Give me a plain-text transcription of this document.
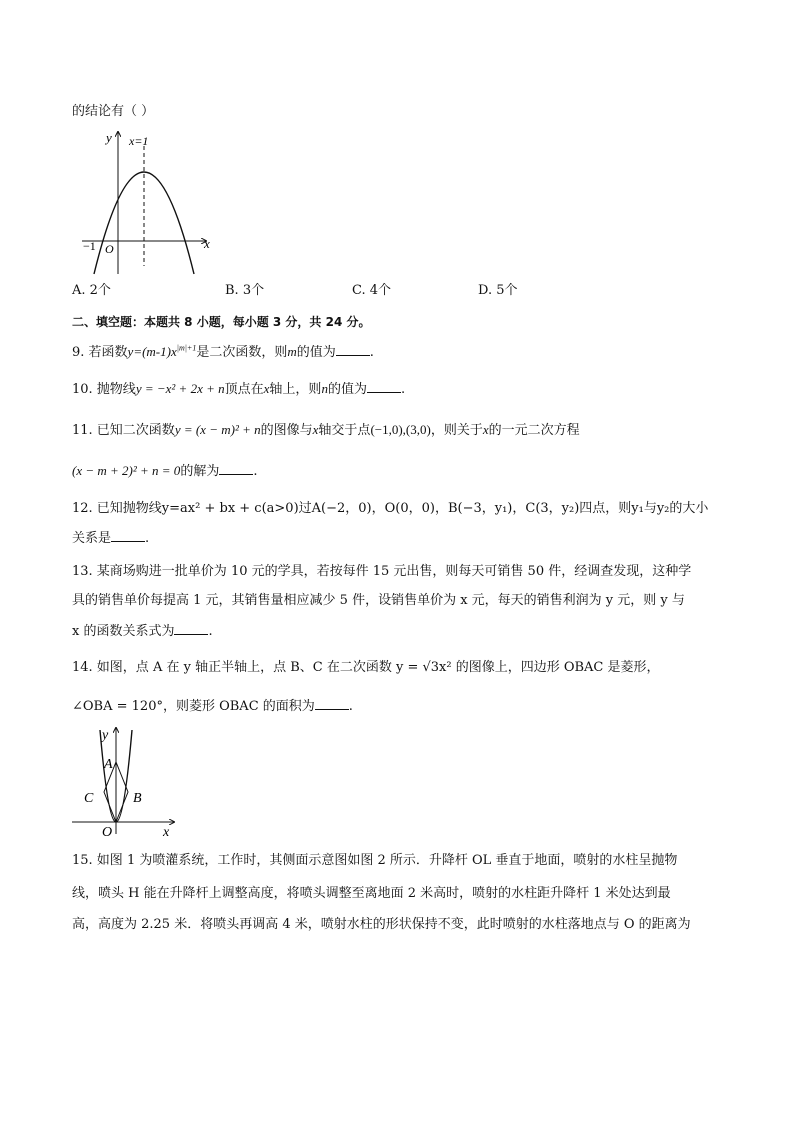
的结论有（ ）
y
x
x=1
−1 O
A. 2个	B. 3个	C. 4个	D. 5个
二、填空题：本题共 8 小题，每小题 3 分，共 24 分。
9. 若函数$y=(m-1)x^{|m|+1}$是二次函数，则m的值为	.
10. 抛物线y = −x² + 2x + n顶点在x轴上，则n的值为	.
11. 已知二次函数y = (x − m)² + n的图像与x轴交于点(−1,0),(3,0)，则关于x的一元二次方程
(x − m + 2)² + n = 0的解为	.
12. 已知抛物线y=ax² + bx + c(a>0)过A(−2，0)，O(0，0)，B(−3，y₁)，C(3，y₂)四点，则y₁与y₂的大小
关系是	.
13. 某商场购进一批单价为 10 元的学具，若按每件 15 元出售，则每天可销售 50 件，经调查发现，这种学
具的销售单价每提高 1 元，其销售量相应减少 5 件，设销售单价为 x 元，每天的销售利润为 y 元，则 y 与
x 的函数关系式为	.
14. 如图，点 A 在 y 轴正半轴上，点 B、C 在二次函数 y = √3x² 的图像上，四边形 OBAC 是菱形，
∠OBA = 120°，则菱形 OBAC 的面积为	.
y
x
A
B
C
O
15. 如图 1 为喷灌系统，工作时，其侧面示意图如图 2 所示．升降杆 OL 垂直于地面，喷射的水柱呈抛物
线，喷头 H 能在升降杆上调整高度，将喷头调整至离地面 2 米高时，喷射的水柱距升降杆 1 米处达到最
高，高度为 2.25 米．将喷头再调高 4 米，喷射水柱的形状保持不变，此时喷射的水柱落地点与 O 的距离为
